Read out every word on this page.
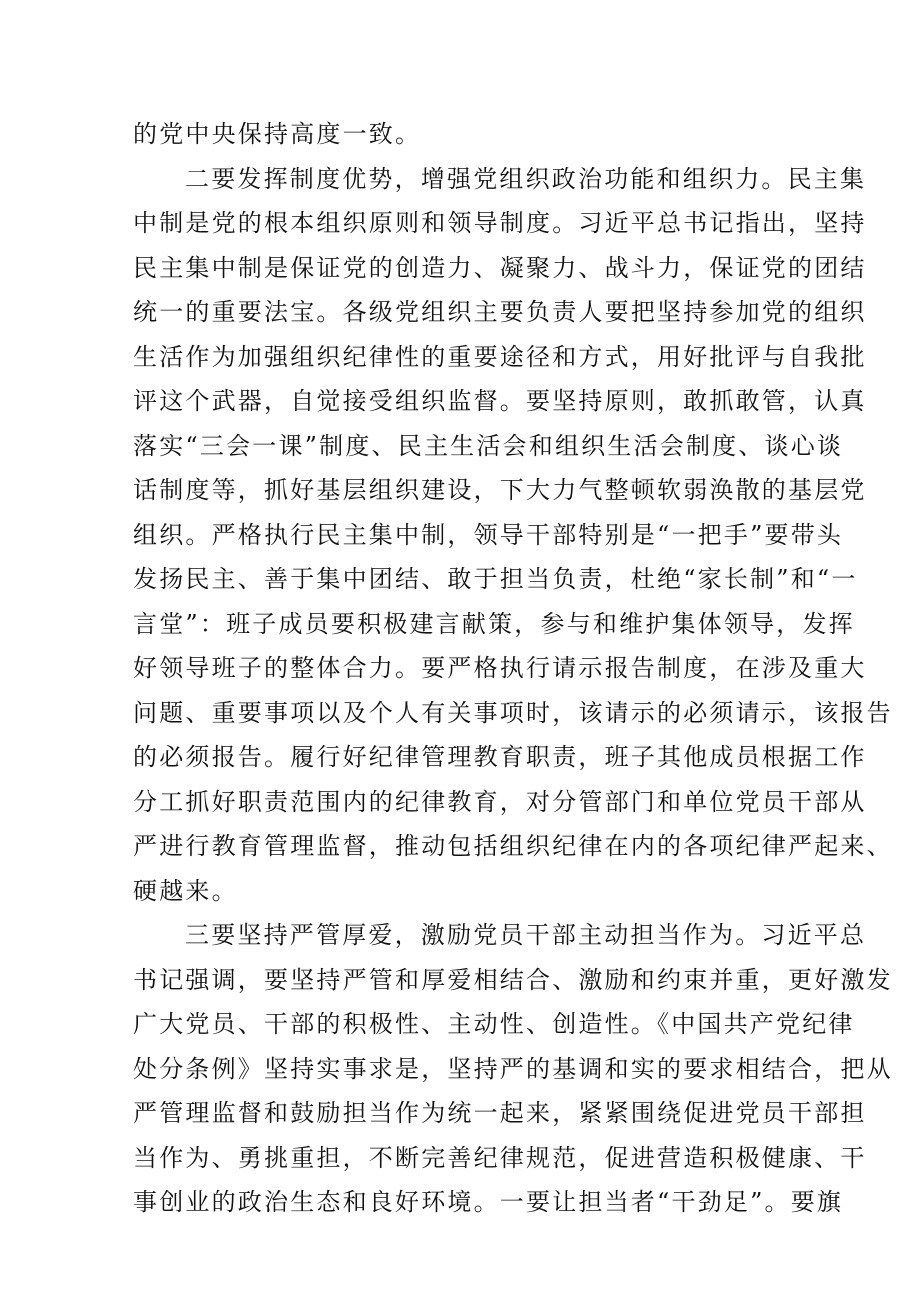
的党中央保持高度一致。
二要发挥制度优势，增强党组织政治功能和组织力。民主集
中制是党的根本组织原则和领导制度。习近平总书记指出，坚持
民主集中制是保证党的创造力、凝聚力、战斗力，保证党的团结
统一的重要法宝。各级党组织主要负责人要把坚持参加党的组织
生活作为加强组织纪律性的重要途径和方式，用好批评与自我批
评这个武器，自觉接受组织监督。要坚持原则，敢抓敢管，认真
落实“三会一课”制度、民主生活会和组织生活会制度、谈心谈
话制度等，抓好基层组织建设，下大力气整顿软弱涣散的基层党
组织。严格执行民主集中制，领导干部特别是“一把手”要带头
发扬民主、善于集中团结、敢于担当负责，杜绝“家长制”和“一
言堂”：班子成员要积极建言献策，参与和维护集体领导，发挥
好领导班子的整体合力。要严格执行请示报告制度，在涉及重大
问题、重要事项以及个人有关事项时，该请示的必须请示，该报告
的必须报告。履行好纪律管理教育职责，班子其他成员根据工作
分工抓好职责范围内的纪律教育，对分管部门和单位党员干部从
严进行教育管理监督，推动包括组织纪律在内的各项纪律严起来、
硬越来。
三要坚持严管厚爱，激励党员干部主动担当作为。习近平总
书记强调，要坚持严管和厚爱相结合、激励和约束并重，更好激发
广大党员、干部的积极性、主动性、创造性。《中国共产党纪律
处分条例》坚持实事求是，坚持严的基调和实的要求相结合，把从
严管理监督和鼓励担当作为统一起来，紧紧围绕促进党员干部担
当作为、勇挑重担，不断完善纪律规范，促进营造积极健康、干
事创业的政治生态和良好环境。一要让担当者“干劲足”。要旗
